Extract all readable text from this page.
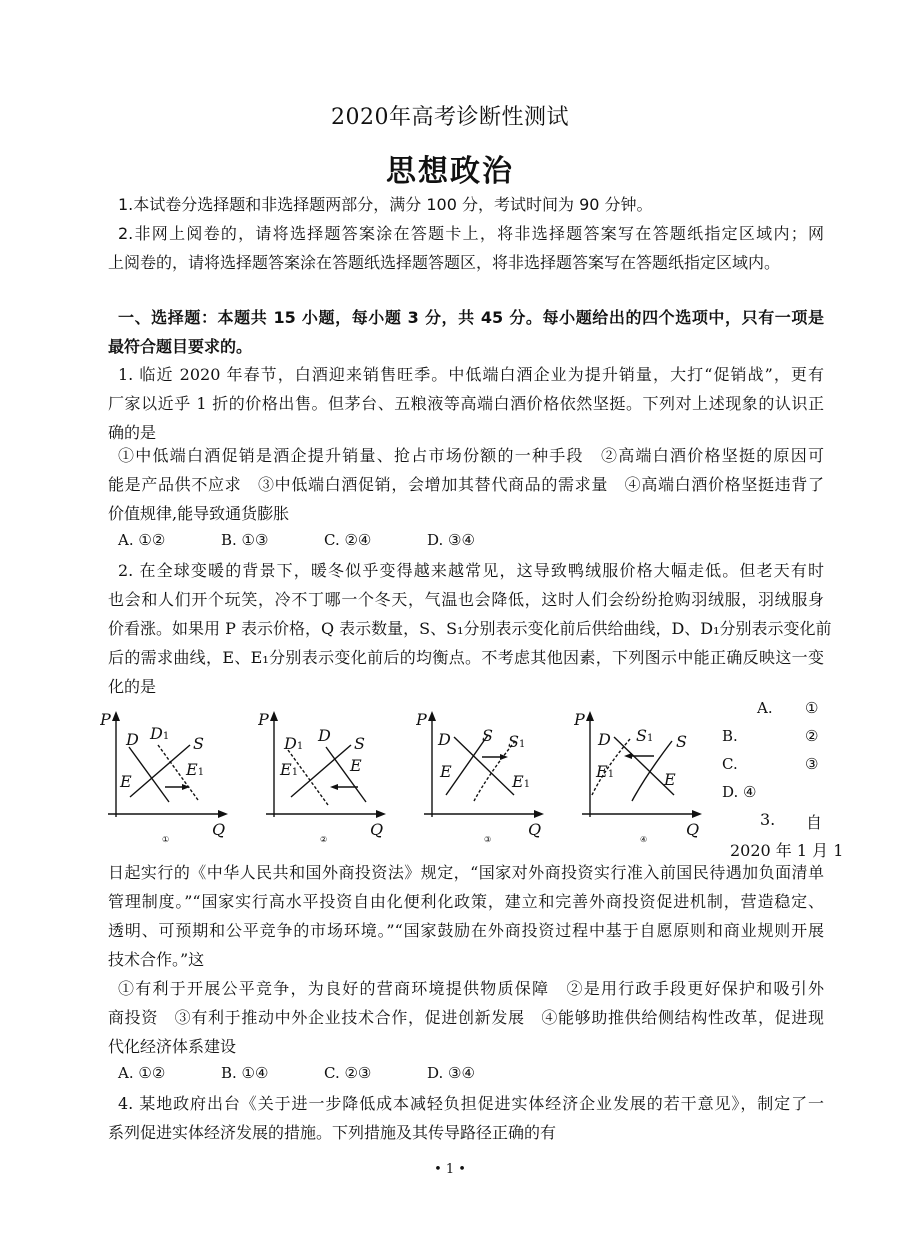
2020年高考诊断性测试
思想政治
1.本试卷分选择题和非选择题两部分，满分 100 分，考试时间为 90 分钟。
2.非网上阅卷的，请将选择题答案涂在答题卡上，将非选择题答案写在答题纸指定区域内；网
上阅卷的，请将选择题答案涂在答题纸选择题答题区，将非选择题答案写在答题纸指定区域内。
一、选择题：本题共 15 小题，每小题 3 分，共 45 分。每小题给出的四个选项中，只有一项是
最符合题目要求的。
1. 临近 2020 年春节，白酒迎来销售旺季。中低端白酒企业为提升销量，大打“促销战”，更有
厂家以近乎 1 折的价格出售。但茅台、五粮液等高端白酒价格依然坚挺。下列对上述现象的认识正
确的是
①中低端白酒促销是酒企提升销量、抢占市场份额的一种手段　②高端白酒价格坚挺的原因可
能是产品供不应求　③中低端白酒促销，会增加其替代商品的需求量　④高端白酒价格坚挺违背了
价值规律,能导致通货膨胀
A. ①②	B. ①③	C. ②④	D. ③④
2. 在全球变暖的背景下，暖冬似乎变得越来越常见，这导致鸭绒服价格大幅走低。但老天有时
也会和人们开个玩笑，冷不丁哪一个冬天，气温也会降低，这时人们会纷纷抢购羽绒服，羽绒服身
价看涨。如果用 P 表示价格，Q 表示数量，S、S₁分别表示变化前后供给曲线，D、D₁分别表示变化前
后的需求曲线，E、E₁分别表示变化前后的均衡点。不考虑其他因素，下列图示中能正确反映这一变
化的是
P
Q
D D1 S
E1
E
①
P
Q
D
D1	S
E
E1
②
P
Q
D S S1
E
E1
③
P
Q
D S1 S
E1	E
④
A. ①
B.	②
C.	③
D. ④
3. 自
2020 年 1 月 1
日起实行的《中华人民共和国外商投资法》规定，“国家对外商投资实行准入前国民待遇加负面清单
管理制度。”“国家实行高水平投资自由化便利化政策，建立和完善外商投资促进机制，营造稳定、
透明、可预期和公平竞争的市场环境。”“国家鼓励在外商投资过程中基于自愿原则和商业规则开展
技术合作。”这
①有利于开展公平竞争，为良好的营商环境提供物质保障　②是用行政手段更好保护和吸引外
商投资　③有利于推动中外企业技术合作，促进创新发展　④能够助推供给侧结构性改革，促进现
代化经济体系建设
A. ①②	B. ①④	C. ②③	D. ③④
4. 某地政府出台《关于进一步降低成本减轻负担促进实体经济企业发展的若干意见》，制定了一
系列促进实体经济发展的措施。下列措施及其传导路径正确的有
• 1 •
